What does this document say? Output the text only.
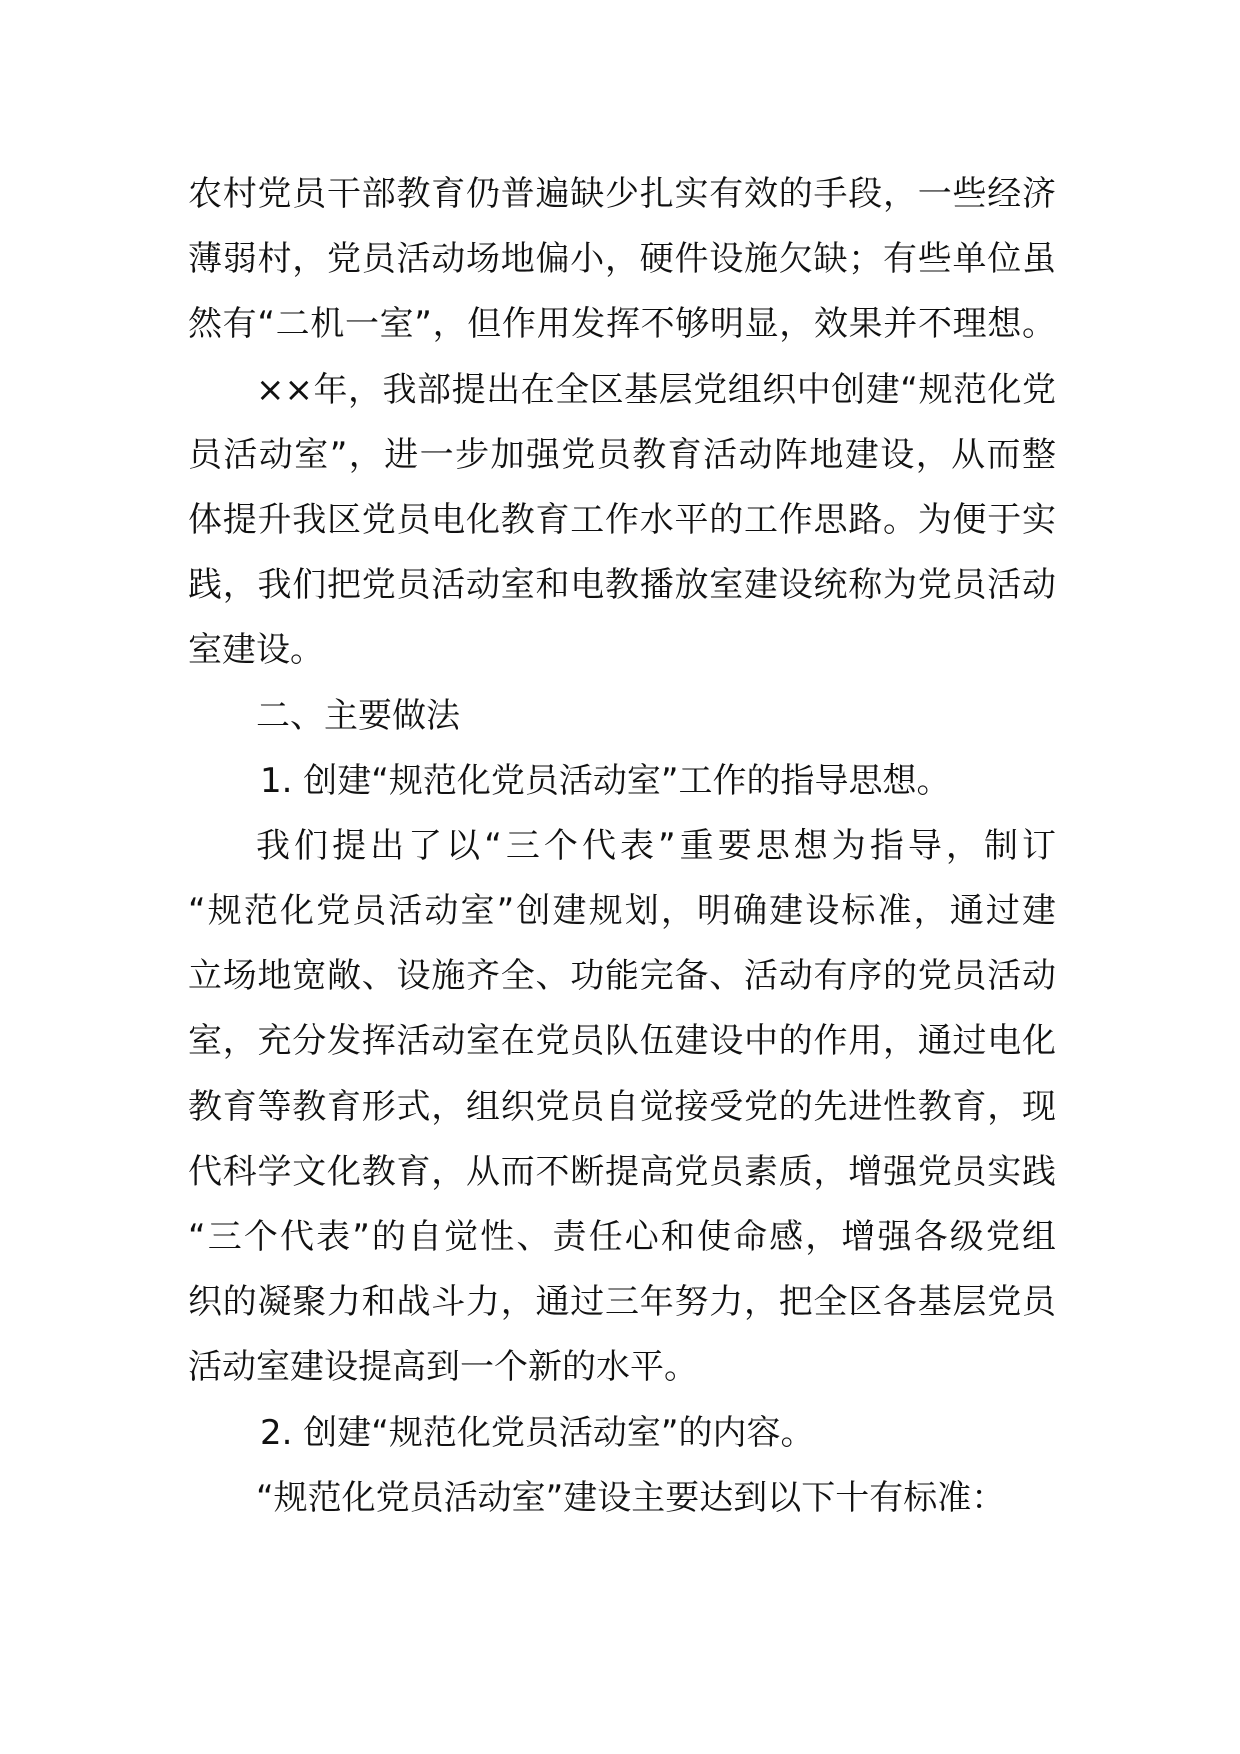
农村党员干部教育仍普遍缺少扎实有效的手段，一些经济
薄弱村，党员活动场地偏小，硬件设施欠缺；有些单位虽
然有“二机一室”，但作用发挥不够明显，效果并不理想。
××年，我部提出在全区基层党组织中创建“规范化党
员活动室”，进一步加强党员教育活动阵地建设，从而整
体提升我区党员电化教育工作水平的工作思路。为便于实
践，我们把党员活动室和电教播放室建设统称为党员活动
室建设。
二、主要做法
1. 创建“规范化党员活动室”工作的指导思想。
我们提出了以“三个代表”重要思想为指导，制订
“规范化党员活动室”创建规划，明确建设标准，通过建
立场地宽敞、设施齐全、功能完备、活动有序的党员活动
室，充分发挥活动室在党员队伍建设中的作用，通过电化
教育等教育形式，组织党员自觉接受党的先进性教育，现
代科学文化教育，从而不断提高党员素质，增强党员实践
“三个代表”的自觉性、责任心和使命感，增强各级党组
织的凝聚力和战斗力，通过三年努力，把全区各基层党员
活动室建设提高到一个新的水平。
2. 创建“规范化党员活动室”的内容。
“规范化党员活动室”建设主要达到以下十有标准：
